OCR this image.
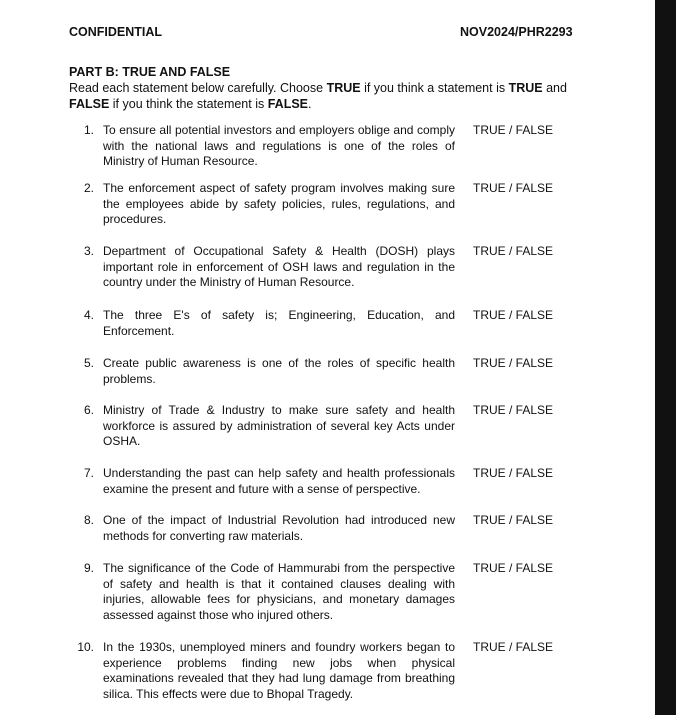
CONFIDENTIAL	NOV2024/PHR2293
PART B: TRUE AND FALSE
Read each statement below carefully. Choose TRUE if you think a statement is TRUE and
FALSE if you think the statement is FALSE.
1. To ensure all potential investors and employers oblige and comply with the national laws and regulations is one of the roles of Ministry of Human Resource.
TRUE / FALSE
2. The enforcement aspect of safety program involves making sure the employees abide by safety policies, rules, regulations, and procedures.
TRUE / FALSE
3. Department of Occupational Safety & Health (DOSH) plays important role in enforcement of OSH laws and regulation in the country under the Ministry of Human Resource.
TRUE / FALSE
4. The three E's of safety is; Engineering, Education, and Enforcement.
TRUE / FALSE
5. Create public awareness is one of the roles of specific health problems.
TRUE / FALSE
6. Ministry of Trade & Industry to make sure safety and health workforce is assured by administration of several key Acts under OSHA.
TRUE / FALSE
7. Understanding the past can help safety and health professionals examine the present and future with a sense of perspective.
TRUE / FALSE
8. One of the impact of Industrial Revolution had introduced new methods for converting raw materials.
TRUE / FALSE
9. The significance of the Code of Hammurabi from the perspective of safety and health is that it contained clauses dealing with injuries, allowable fees for physicians, and monetary damages assessed against those who injured others.
TRUE / FALSE
10. In the 1930s, unemployed miners and foundry workers began to experience problems finding new jobs when physical examinations revealed that they had lung damage from breathing silica. This effects were due to Bhopal Tragedy.
TRUE / FALSE
